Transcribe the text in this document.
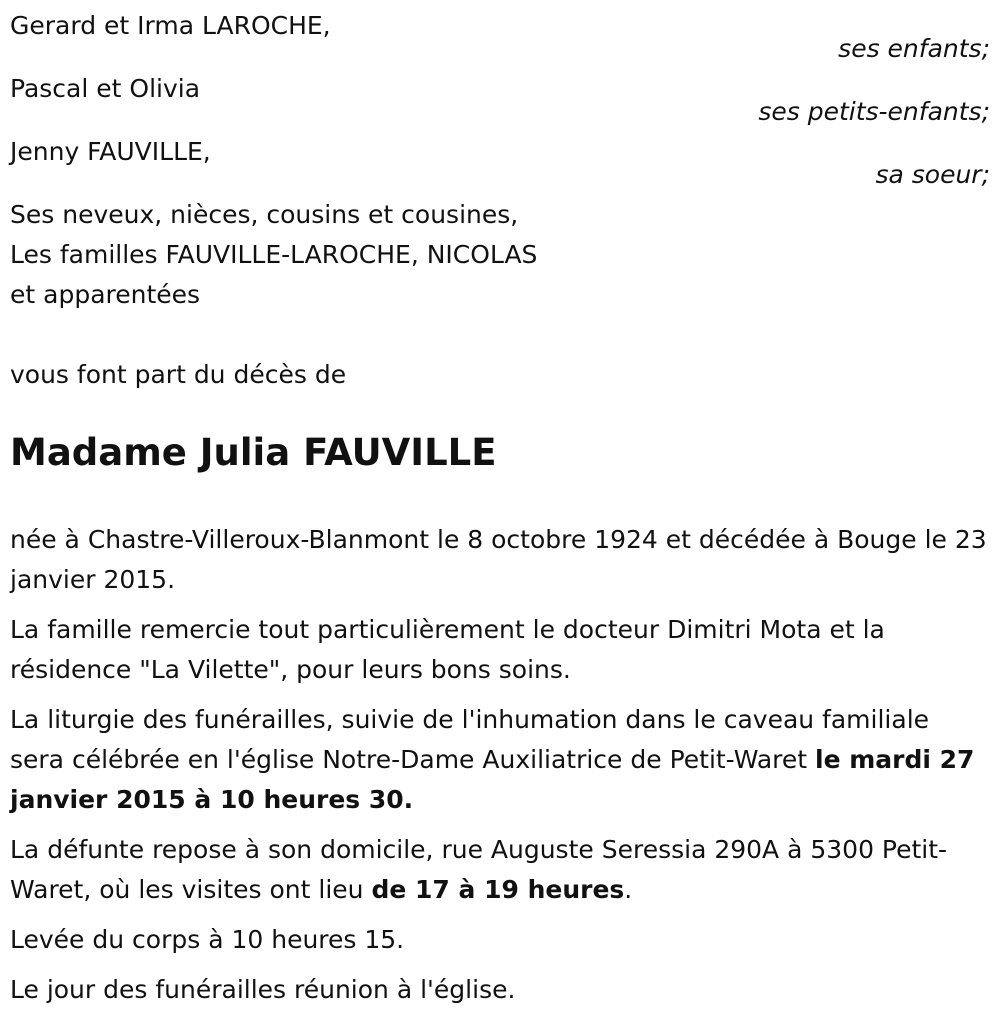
Gerard et Irma LAROCHE,
ses enfants;
Pascal et Olivia
ses petits-enfants;
Jenny FAUVILLE,
sa soeur;
Ses neveux, nièces, cousins et cousines,
Les familles FAUVILLE-LAROCHE, NICOLAS
et apparentées
vous font part du décès de
Madame Julia FAUVILLE

née à Chastre-Villeroux-Blanmont le 8 octobre 1924 et décédée à Bouge le 23 janvier 2015.

La famille remercie tout particulièrement le docteur Dimitri Mota et la résidence "La Vilette", pour leurs bons soins.

La liturgie des funérailles, suivie de l'inhumation dans le caveau familiale sera célébrée en l'église Notre-Dame Auxiliatrice de Petit-Waret le mardi 27 janvier 2015 à 10 heures 30.

La défunte repose à son domicile, rue Auguste Seressia 290A à 5300 Petit-Waret, où les visites ont lieu de 17 à 19 heures.

Levée du corps à 10 heures 15.

Le jour des funérailles réunion à l'église.
